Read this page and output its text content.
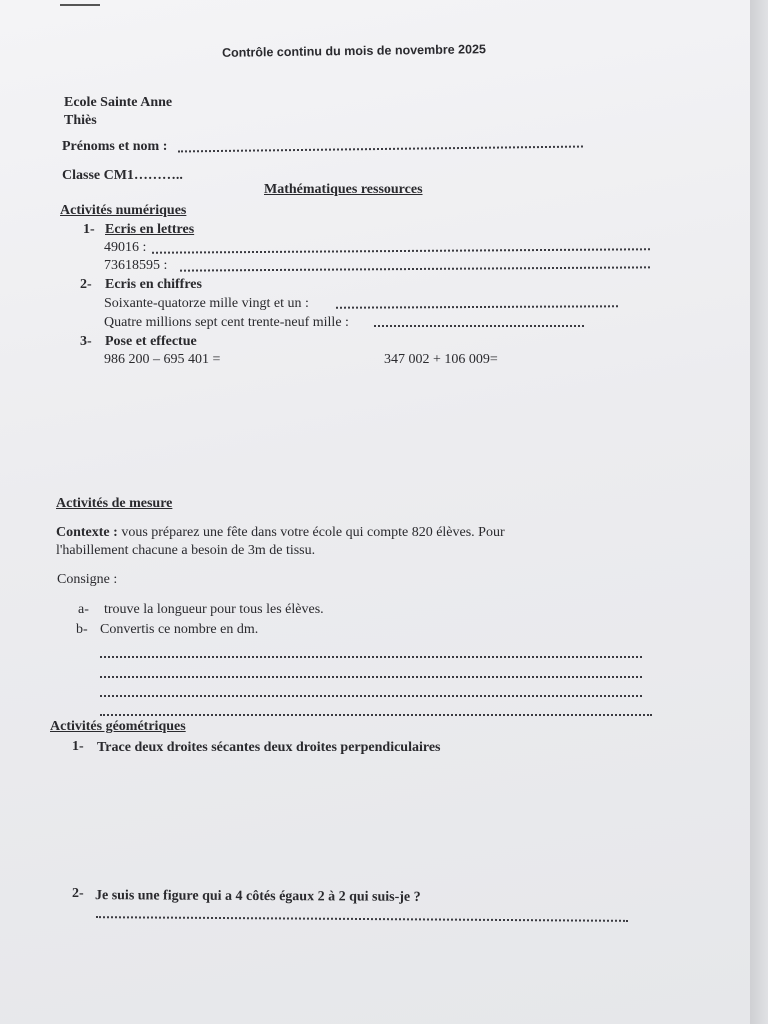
Contrôle continu du mois de novembre 2025
Ecole Sainte Anne
Thiès
Prénoms et nom :
Classe CM1………..
Mathématiques ressources
Activités numériques
1- Ecris en lettres
49016 :
73618595 :
2- Ecris en chiffres
Soixante-quatorze mille vingt et un :
Quatre millions sept cent trente-neuf mille :
3- Pose et effectue
986 200 – 695 401 =	347 002 + 106 009=
Activités de mesure
Contexte : vous préparez une fête dans votre école qui compte 820 élèves. Pour
l'habillement chacune a besoin de 3m de tissu.
Consigne :
a- trouve la longueur pour tous les élèves.
b- Convertis ce nombre en dm.
Activités géométriques
1- Trace deux droites sécantes deux droites perpendiculaires
2- Je suis une figure qui a 4 côtés égaux 2 à 2 qui suis-je ?
